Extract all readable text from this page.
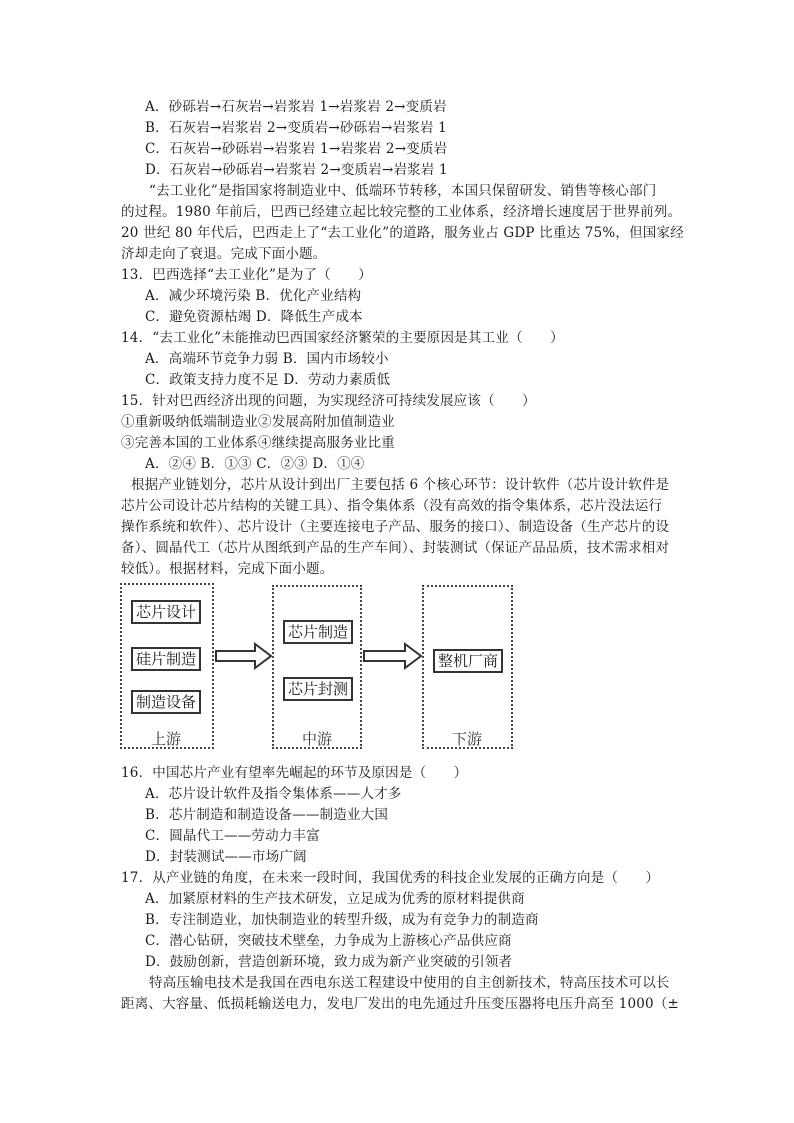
A．砂砾岩→石灰岩→岩浆岩 1→岩浆岩 2→变质岩
B．石灰岩→岩浆岩 2→变质岩→砂砾岩→岩浆岩 1
C．石灰岩→砂砾岩→岩浆岩 1→岩浆岩 2→变质岩
D．石灰岩→砂砾岩→岩浆岩 2→变质岩→岩浆岩 1
“去工业化”是指国家将制造业中、低端环节转移，本国只保留研发、销售等核心部门
的过程。1980 年前后，巴西已经建立起比较完整的工业体系，经济增长速度居于世界前列。
20 世纪 80 年代后，巴西走上了“去工业化”的道路，服务业占 GDP 比重达 75%，但国家经
济却走向了衰退。完成下面小题。
13．巴西选择“去工业化”是为了（　　）
A．减少环境污染 B．优化产业结构
C．避免资源枯竭 D．降低生产成本
14．“去工业化”未能推动巴西国家经济繁荣的主要原因是其工业（　　）
A．高端环节竞争力弱 B．国内市场较小
C．政策支持力度不足 D．劳动力素质低
15．针对巴西经济出现的问题，为实现经济可持续发展应该（　　）
①重新吸纳低端制造业②发展高附加值制造业
③完善本国的工业体系④继续提高服务业比重
A．②④ B．①③ C．②③ D．①④
根据产业链划分，芯片从设计到出厂主要包括 6 个核心环节：设计软件（芯片设计软件是
芯片公司设计芯片结构的关键工具）、指令集体系（没有高效的指令集体系，芯片没法运行
操作系统和软件）、芯片设计（主要连接电子产品、服务的接口）、制造设备（生产芯片的设
备）、圆晶代工（芯片从图纸到产品的生产车间）、封装测试（保证产品品质，技术需求相对
较低）。根据材料，完成下面小题。
芯片设计
硅片制造
制造设备
上游
芯片制造
芯片封测
中游
整机厂商
下游
16．中国芯片产业有望率先崛起的环节及原因是（　　）
A．芯片设计软件及指令集体系——人才多
B．芯片制造和制造设备——制造业大国
C．圆晶代工——劳动力丰富
D．封装测试——市场广阔
17．从产业链的角度，在未来一段时间，我国优秀的科技企业发展的正确方向是（　　）
A．加紧原材料的生产技术研发，立足成为优秀的原材料提供商
B．专注制造业，加快制造业的转型升级，成为有竞争力的制造商
C．潜心钻研，突破技术壁垒，力争成为上游核心产品供应商
D．鼓励创新，营造创新环境，致力成为新产业突破的引领者
特高压输电技术是我国在西电东送工程建设中使用的自主创新技术，特高压技术可以长
距离、大容量、低损耗输送电力，发电厂发出的电先通过升压变压器将电压升高至 1000（±
